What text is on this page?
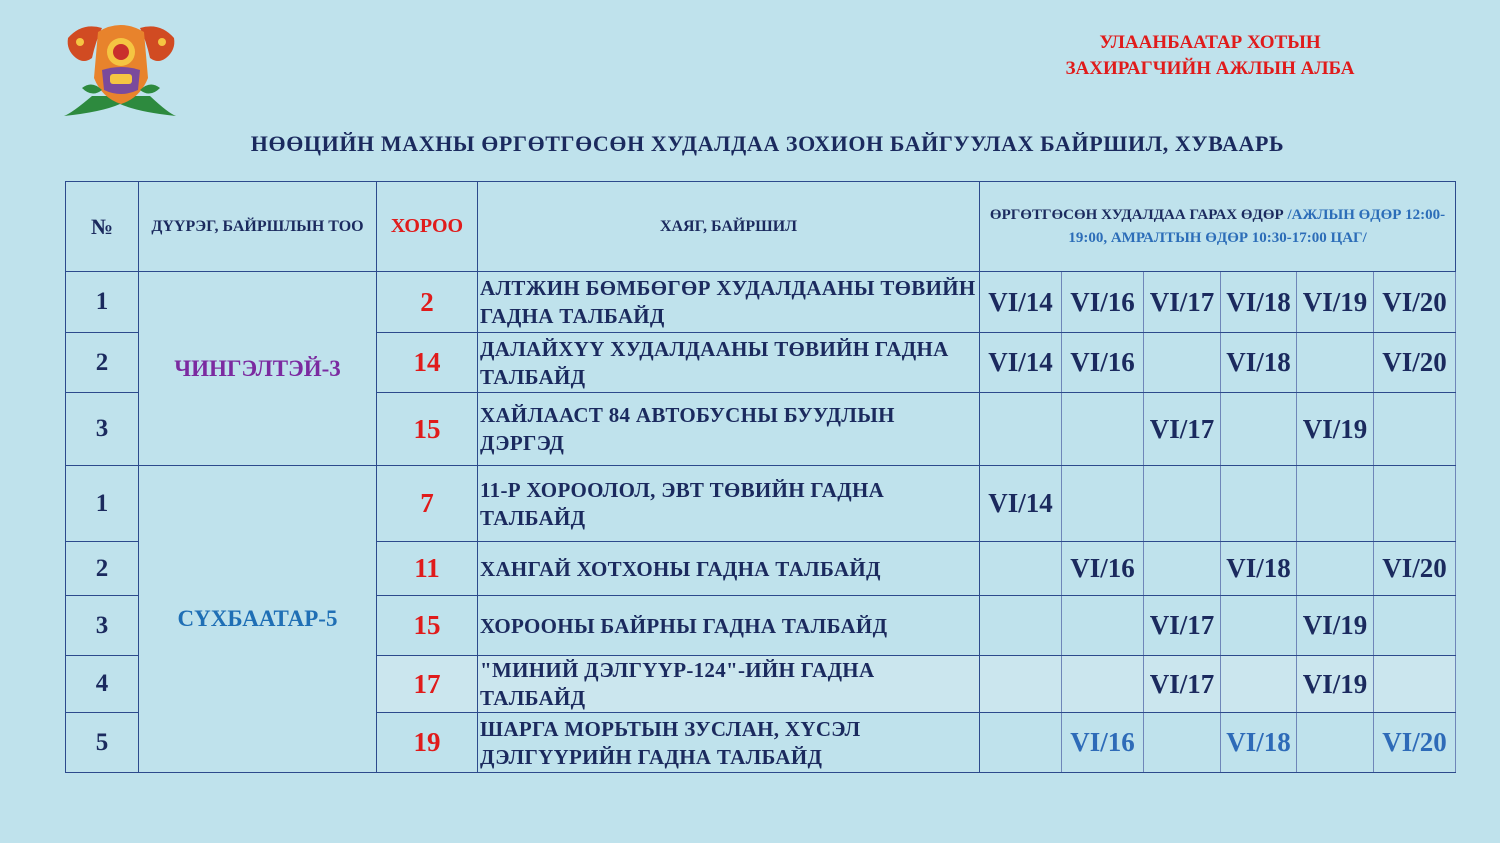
УЛААНБААТАР ХОТЫН
ЗАХИРАГЧИЙН АЖЛЫН АЛБА
НӨӨЦИЙН МАХНЫ ӨРГӨТГӨСӨН ХУДАЛДАА ЗОХИОН БАЙГУУЛАХ БАЙРШИЛ, ХУВААРЬ
№	ДҮҮРЭГ, БАЙРШЛЫН ТОО	ХОРОО	ХАЯГ, БАЙРШИЛ	ӨРГӨТГӨСӨН ХУДАЛДАА ГАРАХ ӨДӨР /АЖЛЫН ӨДӨР 12:00-19:00, АМРАЛТЫН ӨДӨР 10:30-17:00 ЦАГ/					
1	ЧИНГЭЛТЭЙ-3	2	АЛТЖИН БӨМБӨГӨР ХУДАЛДААНЫ ТӨВИЙН ГАДНА ТАЛБАЙД	VI/14	VI/16	VI/17	VI/18	VI/19	VI/20
2		14	ДАЛАЙХҮҮ ХУДАЛДААНЫ ТӨВИЙН ГАДНА ТАЛБАЙД	VI/14	VI/16		VI/18		VI/20
3		15	ХАЙЛААСТ 84 АВТОБУСНЫ БУУДЛЫН ДЭРГЭД			VI/17		VI/19	
1	СҮХБААТАР-5	7	11-Р ХОРООЛОЛ, ЭВТ ТӨВИЙН ГАДНА ТАЛБАЙД	VI/14					
2		11	ХАНГАЙ ХОТХОНЫ ГАДНА ТАЛБАЙД		VI/16		VI/18		VI/20
3		15	ХОРООНЫ БАЙРНЫ ГАДНА ТАЛБАЙД			VI/17		VI/19	
4		17	"МИНИЙ ДЭЛГҮҮР-124"-ИЙН ГАДНА ТАЛБАЙД			VI/17		VI/19	
5		19	ШАРГА МОРЬТЫН ЗУСЛАН, ХҮСЭЛ ДЭЛГҮҮРИЙН ГАДНА ТАЛБАЙД		VI/16		VI/18		VI/20
